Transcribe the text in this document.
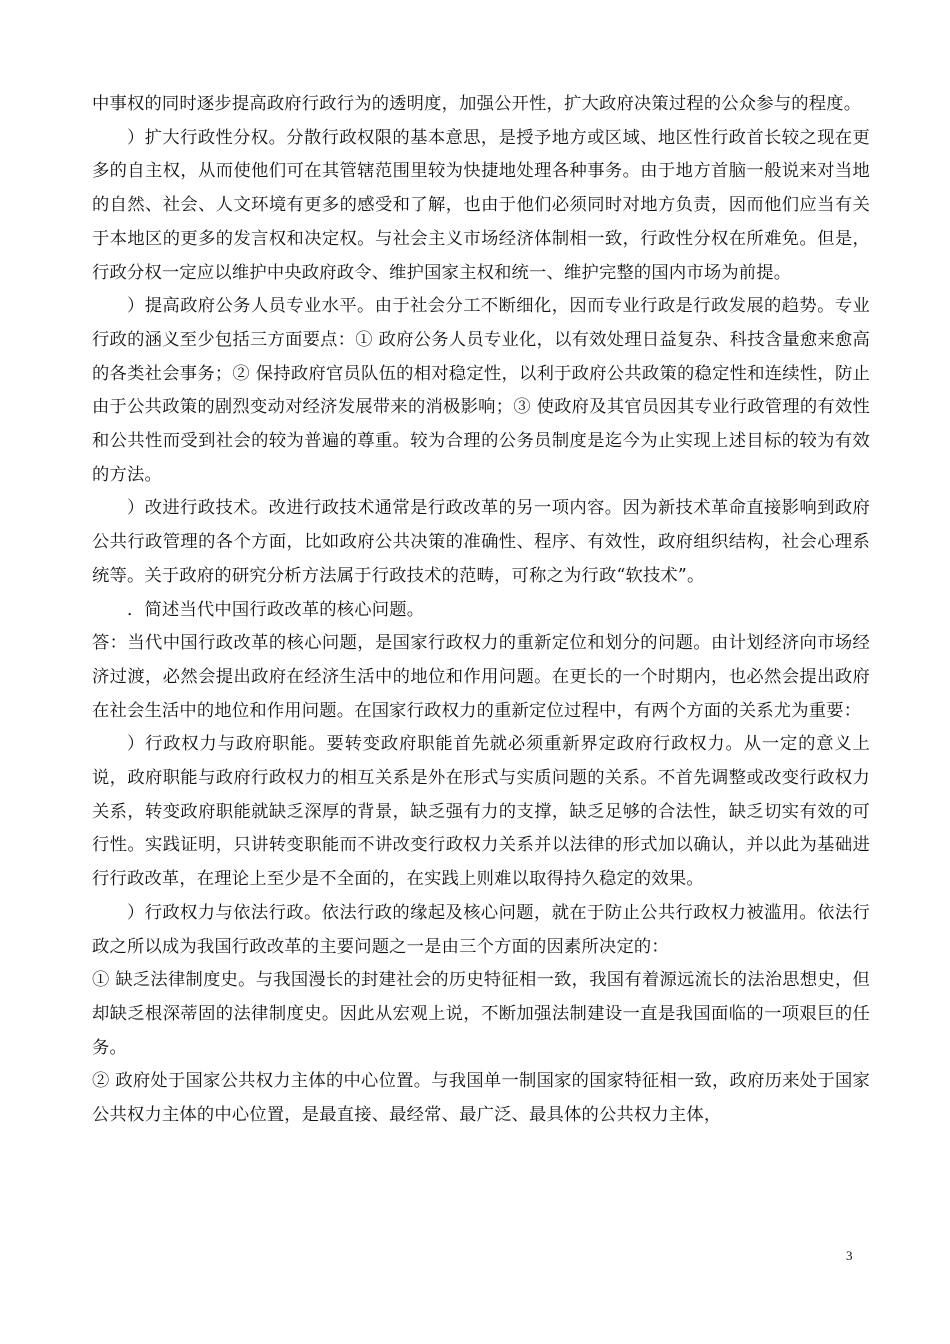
中事权的同时逐步提高政府行政行为的透明度，加强公开性，扩大政府决策过程的公众参与的程度。

）扩大行政性分权。分散行政权限的基本意思，是授予地方或区域、地区性行政首长较之现在更多的自主权，从而使他们可在其管辖范围里较为快捷地处理各种事务。由于地方首脑一般说来对当地的自然、社会、人文环境有更多的感受和了解，也由于他们必须同时对地方负责，因而他们应当有关于本地区的更多的发言权和决定权。与社会主义市场经济体制相一致，行政性分权在所难免。但是，行政分权一定应以维护中央政府政令、维护国家主权和统一、维护完整的国内市场为前提。

）提高政府公务人员专业水平。由于社会分工不断细化，因而专业行政是行政发展的趋势。专业行政的涵义至少包括三方面要点：① 政府公务人员专业化，以有效处理日益复杂、科技含量愈来愈高的各类社会事务；② 保持政府官员队伍的相对稳定性，以利于政府公共政策的稳定性和连续性，防止由于公共政策的剧烈变动对经济发展带来的消极影响；③ 使政府及其官员因其专业行政管理的有效性和公共性而受到社会的较为普遍的尊重。较为合理的公务员制度是迄今为止实现上述目标的较为有效的方法。

）改进行政技术。改进行政技术通常是行政改革的另一项内容。因为新技术革命直接影响到政府公共行政管理的各个方面，比如政府公共决策的准确性、程序、有效性，政府组织结构，社会心理系统等。关于政府的研究分析方法属于行政技术的范畴，可称之为行政“软技术”。

．简述当代中国行政改革的核心问题。

答：当代中国行政改革的核心问题，是国家行政权力的重新定位和划分的问题。由计划经济向市场经济过渡，必然会提出政府在经济生活中的地位和作用问题。在更长的一个时期内，也必然会提出政府在社会生活中的地位和作用问题。在国家行政权力的重新定位过程中，有两个方面的关系尤为重要：

）行政权力与政府职能。要转变政府职能首先就必须重新界定政府行政权力。从一定的意义上说，政府职能与政府行政权力的相互关系是外在形式与实质问题的关系。不首先调整或改变行政权力关系，转变政府职能就缺乏深厚的背景，缺乏强有力的支撑，缺乏足够的合法性，缺乏切实有效的可行性。实践证明，只讲转变职能而不讲改变行政权力关系并以法律的形式加以确认，并以此为基础进行行政改革，在理论上至少是不全面的，在实践上则难以取得持久稳定的效果。

）行政权力与依法行政。依法行政的缘起及核心问题，就在于防止公共行政权力被滥用。依法行政之所以成为我国行政改革的主要问题之一是由三个方面的因素所决定的：

① 缺乏法律制度史。与我国漫长的封建社会的历史特征相一致，我国有着源远流长的法治思想史，但却缺乏根深蒂固的法律制度史。因此从宏观上说，不断加强法制建设一直是我国面临的一项艰巨的任务。

② 政府处于国家公共权力主体的中心位置。与我国单一制国家的国家特征相一致，政府历来处于国家公共权力主体的中心位置，是最直接、最经常、最广泛、最具体的公共权力主体，

3
